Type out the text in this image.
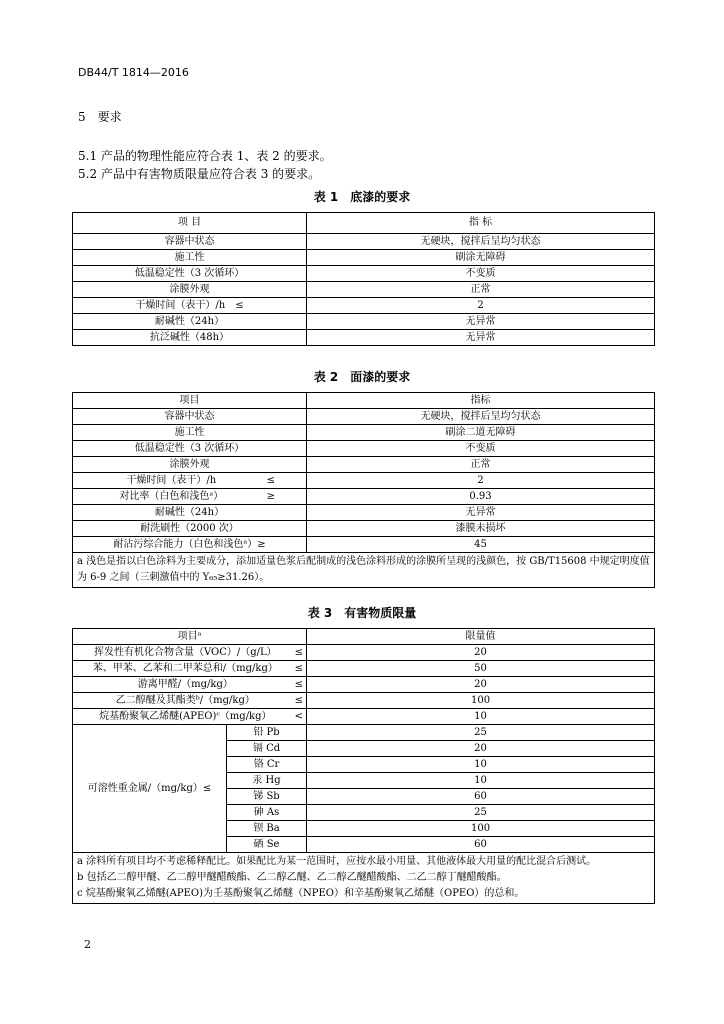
DB44/T 1814—2016
5　要求
5.1 产品的物理性能应符合表 1、表 2 的要求。
5.2 产品中有害物质限量应符合表 3 的要求。
表 1　底漆的要求
项 目	指 标
容器中状态	无硬块，搅拌后呈均匀状态
施工性	刷涂无障碍
低温稳定性（3 次循环）	不变质
涂膜外观	正常
干燥时间（表干）/h　≤	2
耐碱性（24h）	无异常
抗泛碱性（48h）	无异常
表 2　面漆的要求
项目	指标

容器中状态	无硬块，搅拌后呈均匀状态

施工性	刷涂二道无障碍

低温稳定性（3 次循环）	不变质

涂膜外观	正常

干燥时间（表干）/h ≤	2

对比率（白色和浅色ᵃ） ≥	0.93

耐碱性（24h）	无异常

耐洗刷性（2000 次）	漆膜未损坏

耐沾污综合能力（白色和浅色ᵃ）≥	45
a 浅色是指以白色涂料为主要成分，添加适量色浆后配制成的浅色涂料形成的涂膜所呈现的浅颜色，按 GB/T15608 中规定明度值为 6-9 之间（三刺激值中的 Y₆₅≥31.26）。	
表 3　有害物质限量
项目ᵃ		限量值

挥发性有机化合物含量（VOC）/（g/L） ≤		20

苯、甲苯、乙苯和二甲苯总和/（mg/kg） ≤		50

游离甲醛/（mg/kg） ≤		20

乙二醇醚及其酯类ᵇ/（mg/kg） ≤		100

烷基酚聚氧乙烯醚(APEO)ᶜ（mg/kg） <		10
可溶性重金属/（mg/kg）≤	铅 Pb	25
	镉 Cd	20
	铬 Cr	10
	汞 Hg	10
	锑 Sb	60
	砷 As	25
	钡 Ba	100
	硒 Se	60

a 涂料所有项目均不考虑稀释配比。如果配比为某一范围时，应按水最小用量、其他液体最大用量的配比混合后测试。
b 包括乙二醇甲醚、乙二醇甲醚醋酸酯、乙二醇乙醚、乙二醇乙醚醋酸酯、二乙二醇丁醚醋酸酯。
c 烷基酚聚氧乙烯醚(APEO)为壬基酚聚氧乙烯醚（NPEO）和辛基酚聚氧乙烯醚（OPEO）的总和。		
2
